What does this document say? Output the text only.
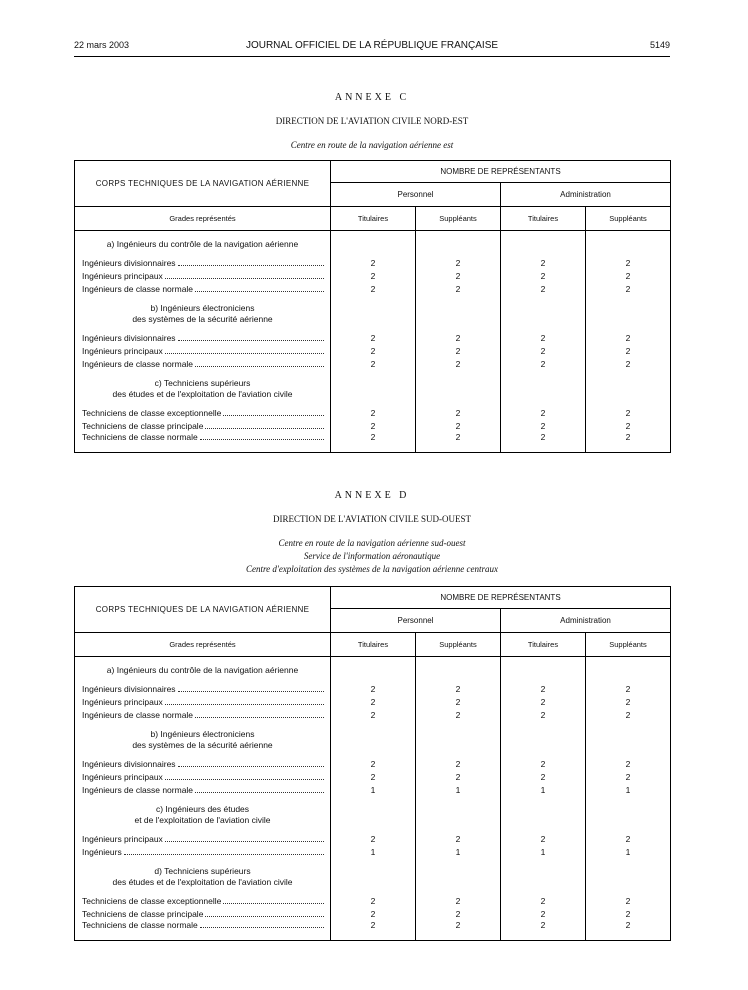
JOURNAL OFFICIEL DE LA RÉPUBLIQUE FRANÇAISE
22 mars 2003	5149
ANNEXE C
DIRECTION DE L'AVIATION CIVILE NORD-EST
Centre en route de la navigation aérienne est
CORPS TECHNIQUES DE LA NAVIGATION AÉRIENNE	NOMBRE DE REPRÉSENTANTS			
	Personnel		Administration	
Grades représentés	Titulaires	Suppléants	Titulaires	Suppléants

a) Ingénieurs du contrôle de la navigation aérienne				

Ingénieurs divisionnaires	2	2	2	2

Ingénieurs principaux	2	2	2	2

Ingénieurs de classe normale	2	2	2	2

b) Ingénieurs électroniciens
des systèmes de la sécurité aérienne				

Ingénieurs divisionnaires	2	2	2	2

Ingénieurs principaux	2	2	2	2

Ingénieurs de classe normale	2	2	2	2

c) Techniciens supérieurs
des études et de l'exploitation de l'aviation civile				

Techniciens de classe exceptionnelle	2	2	2	2

Techniciens de classe principale	2	2	2	2

Techniciens de classe normale	2	2	2	2
ANNEXE D
DIRECTION DE L'AVIATION CIVILE SUD-OUEST
Centre en route de la navigation aérienne sud-ouest
Service de l'information aéronautique
Centre d'exploitation des systèmes de la navigation aérienne centraux
CORPS TECHNIQUES DE LA NAVIGATION AÉRIENNE	NOMBRE DE REPRÉSENTANTS			
	Personnel		Administration	
Grades représentés	Titulaires	Suppléants	Titulaires	Suppléants

a) Ingénieurs du contrôle de la navigation aérienne				

Ingénieurs divisionnaires	2	2	2	2

Ingénieurs principaux	2	2	2	2

Ingénieurs de classe normale	2	2	2	2

b) Ingénieurs électroniciens
des systèmes de la sécurité aérienne				

Ingénieurs divisionnaires	2	2	2	2

Ingénieurs principaux	2	2	2	2

Ingénieurs de classe normale	1	1	1	1

c) Ingénieurs des études
et de l'exploitation de l'aviation civile				

Ingénieurs principaux	2	2	2	2

Ingénieurs	1	1	1	1

d) Techniciens supérieurs
des études et de l'exploitation de l'aviation civile				

Techniciens de classe exceptionnelle	2	2	2	2

Techniciens de classe principale	2	2	2	2

Techniciens de classe normale	2	2	2	2
